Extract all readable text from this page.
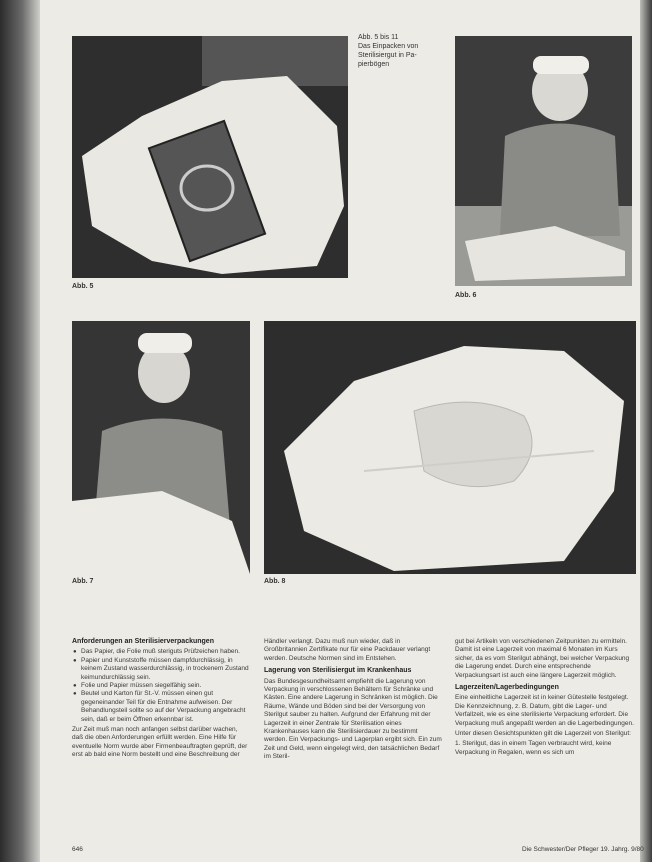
Abb. 5
Abb. 5 bis 11
Das Einpacken von
Sterilisiergut in Pa-
pierbögen
Abb. 6
Abb. 7	Abb. 8
Anforderungen an Sterilisierverpackungen
● Das Papier, die Folie muß steriguts Prüfzeichen haben.
● Papier und Kunststoffe müssen dampfdurchlässig, in keinem Zustand wasserdurchlässig, in trockenem Zustand keimundurchlässig sein.
● Folie und Papier müssen siegelfähig sein.
● Beutel und Karton für St.-V. müssen einen gut gegeneinander Teil für die Entnahme aufweisen. Der Behandlungsteil sollte so auf der Verpackung angebracht sein, daß er beim Öffnen erkennbar ist.

Zur Zeit muß man noch anfangen selbst darüber wachen, daß die oben Anforderungen erfüllt werden. Eine Hilfe für eventuelle Norm wurde aber Firmenbeauftragten geprüft, der erst ab bald eine Norm bestellt und eine Beschreibung der

Händler verlangt. Dazu muß nun wieder, daß in Großbritannien Zertifikate nur für eine Packdauer verlangt werden. Deutsche Normen sind im Entstehen.

Lagerung von Sterilisiergut im Krankenhaus

Das Bundesgesundheitsamt empfiehlt die Lagerung von Verpackung in verschlossenen Behältern für Schränke und Kästen. Eine andere Lagerung in Schränken ist möglich. Die Räume, Wände und Böden sind bei der Versorgung von Sterilgut sauber zu halten. Aufgrund der Erfahrung mit der Lagerzeit in einer Zentrale für Sterilisation eines Krankenhauses kann die Sterilisierdauer zu bestimmt werden. Ein Verpackungs- und Lagerplan ergibt sich. Ein zum Zeit und Geld, wenn eingelegt wird, den tatsächlichen Bedarf im Steril-

gut bei Artikeln von verschiedenen Zeitpunkten zu ermitteln. Damit ist eine Lagerzeit von maximal 6 Monaten im Kurs sicher, da es vom Sterilgut abhängt, bei welcher Verpackung die Lagerung endet. Durch eine entsprechende Verpackungsart ist auch eine längere Lagerzeit möglich.

Lagerzeiten/Lagerbedingungen

Eine einheitliche Lagerzeit ist in keiner Gütestelle festgelegt. Die Kennzeichnung, z. B. Datum, gibt die Lager- und Verfallzeit, wie es eine sterilisierte Verpackung erfordert. Die Verpackung muß angepaßt werden an die Lagerbedingungen.

Unter diesen Gesichtspunkten gilt die Lagerzeit von Sterilgut:

1. Sterilgut, das in einem Tagen verbraucht wird, keine Verpackung in Regalen, wenn es sich um

646	Die Schwester/Der Pfleger 19. Jahrg. 9/80
